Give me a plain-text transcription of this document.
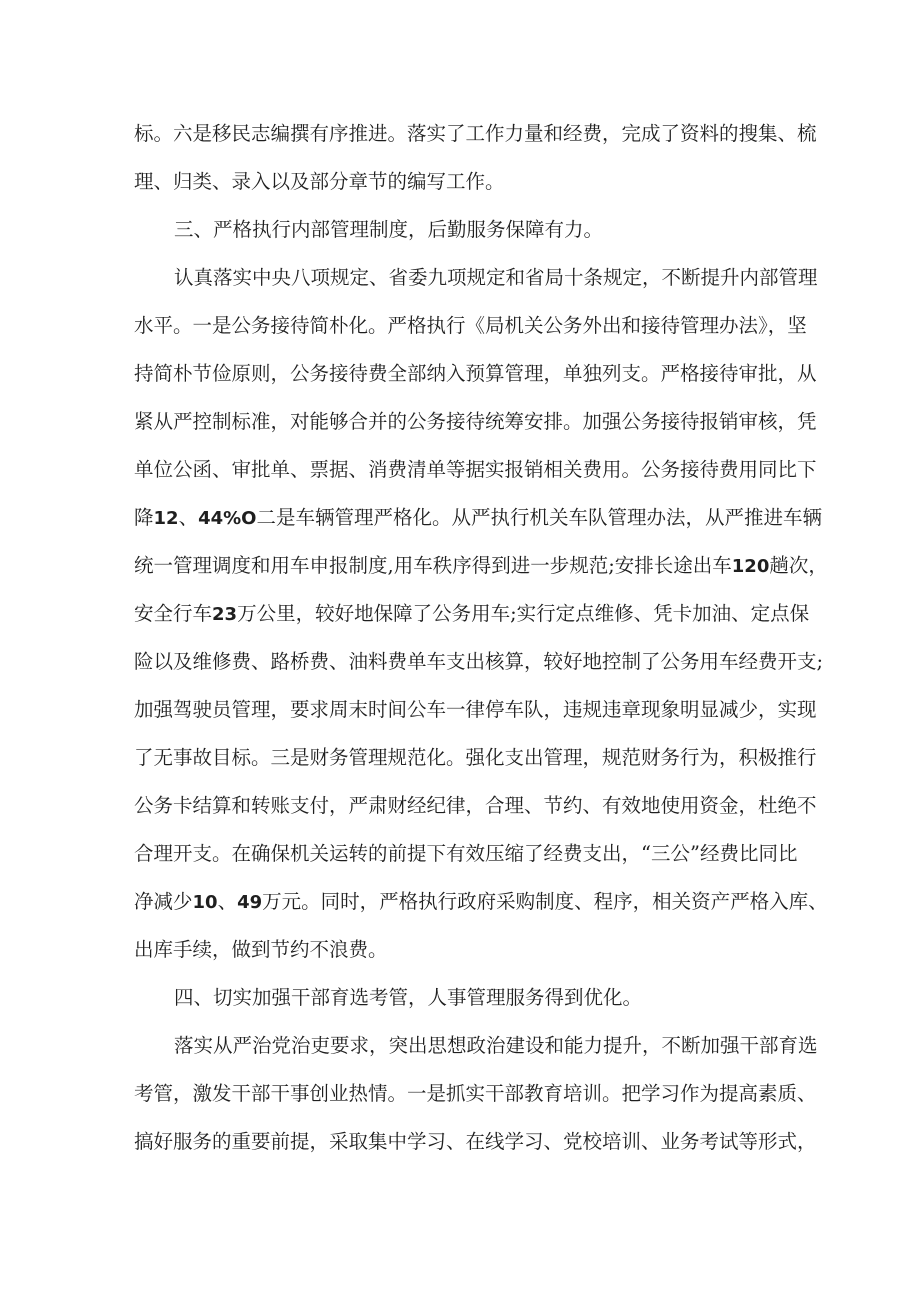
标。六是移民志编撰有序推进。落实了工作力量和经费，完成了资料的搜集、梳
理、归类、录入以及部分章节的编写工作。
三、严格执行内部管理制度，后勤服务保障有力。
认真落实中央八项规定、省委九项规定和省局十条规定，不断提升内部管理
水平。一是公务接待简朴化。严格执行《局机关公务外出和接待管理办法》，坚
持简朴节俭原则，公务接待费全部纳入预算管理，单独列支。严格接待审批，从
紧从严控制标准，对能够合并的公务接待统筹安排。加强公务接待报销审核，凭
单位公函、审批单、票据、消费清单等据实报销相关费用。公务接待费用同比下
降12、44%O二是车辆管理严格化。从严执行机关车队管理办法，从严推进车辆
统一管理调度和用车申报制度,用车秩序得到进一步规范;安排长途出车120趟次，
安全行车23万公里，较好地保障了公务用车;实行定点维修、凭卡加油、定点保
险以及维修费、路桥费、油料费单车支出核算，较好地控制了公务用车经费开支;
加强驾驶员管理，要求周末时间公车一律停车队，违规违章现象明显减少，实现
了无事故目标。三是财务管理规范化。强化支出管理，规范财务行为，积极推行
公务卡结算和转账支付，严肃财经纪律，合理、节约、有效地使用资金，杜绝不
合理开支。在确保机关运转的前提下有效压缩了经费支出，“三公”经费比同比
净减少10、49万元。同时，严格执行政府采购制度、程序，相关资产严格入库、
出库手续，做到节约不浪费。
四、切实加强干部育选考管，人事管理服务得到优化。
落实从严治党治吏要求，突出思想政治建设和能力提升，不断加强干部育选
考管，激发干部干事创业热情。一是抓实干部教育培训。把学习作为提高素质、
搞好服务的重要前提，采取集中学习、在线学习、党校培训、业务考试等形式，
